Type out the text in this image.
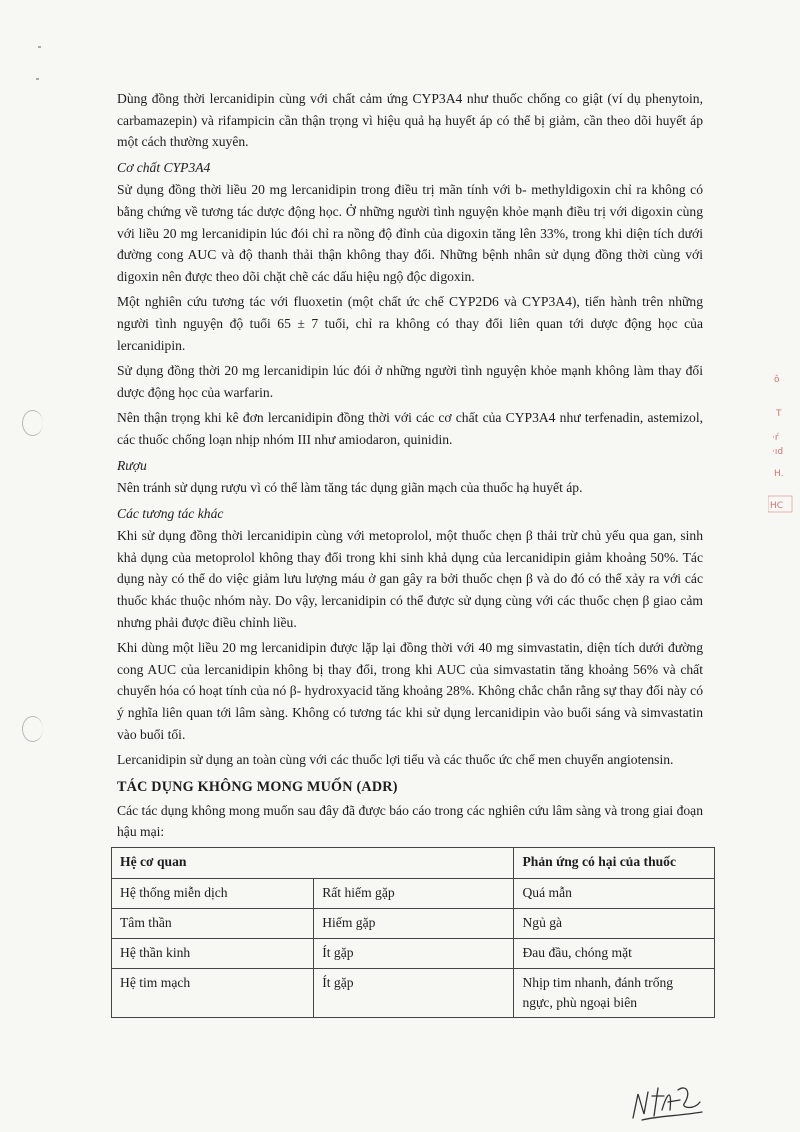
Dùng đồng thời lercanidipin cùng với chất cảm ứng CYP3A4 như thuốc chống co giật (ví dụ phenytoin, carbamazepin) và rifampicin cần thận trọng vì hiệu quả hạ huyết áp có thể bị giảm, cần theo dõi huyết áp một cách thường xuyên.

Cơ chất CYP3A4

Sử dụng đồng thời liều 20 mg lercanidipin trong điều trị mãn tính với b- methyldigoxin chỉ ra không có bằng chứng về tương tác dược động học. Ở những người tình nguyện khỏe mạnh điều trị với digoxin cùng với liều 20 mg lercanidipin lúc đói chỉ ra nồng độ đỉnh của digoxin tăng lên 33%, trong khi diện tích dưới đường cong AUC và độ thanh thải thận không thay đổi. Những bệnh nhân sử dụng đồng thời cùng với digoxin nên được theo dõi chặt chẽ các dấu hiệu ngộ độc digoxin.

Một nghiên cứu tương tác với fluoxetin (một chất ức chế CYP2D6 và CYP3A4), tiến hành trên những người tình nguyện độ tuổi 65 ± 7 tuổi, chỉ ra không có thay đổi liên quan tới dược động học của lercanidipin.

Sử dụng đồng thời 20 mg lercanidipin lúc đói ở những người tình nguyện khỏe mạnh không làm thay đổi dược động học của warfarin.

Nên thận trọng khi kê đơn lercanidipin đồng thời với các cơ chất của CYP3A4 như terfenadin, astemizol, các thuốc chống loạn nhịp nhóm III như amiodaron, quinidin.

Rượu

Nên tránh sử dụng rượu vì có thể làm tăng tác dụng giãn mạch của thuốc hạ huyết áp.

Các tương tác khác

Khi sử dụng đồng thời lercanidipin cùng với metoprolol, một thuốc chẹn β thải trừ chủ yếu qua gan, sinh khả dụng của metoprolol không thay đổi trong khi sinh khả dụng của lercanidipin giảm khoảng 50%. Tác dụng này có thể do việc giảm lưu lượng máu ở gan gây ra bởi thuốc chẹn β và do đó có thể xảy ra với các thuốc khác thuộc nhóm này. Do vậy, lercanidipin có thể được sử dụng cùng với các thuốc chẹn β giao cảm nhưng phải được điều chỉnh liều.

Khi dùng một liều 20 mg lercanidipin được lặp lại đồng thời với 40 mg simvastatin, diện tích dưới đường cong AUC của lercanidipin không bị thay đổi, trong khi AUC của simvastatin tăng khoảng 56% và chất chuyển hóa có hoạt tính của nó β- hydroxyacid tăng khoảng 28%. Không chắc chắn rằng sự thay đổi này có ý nghĩa liên quan tới lâm sàng. Không có tương tác khi sử dụng lercanidipin vào buổi sáng và simvastatin vào buổi tối.

Lercanidipin sử dụng an toàn cùng với các thuốc lợi tiểu và các thuốc ức chế men chuyển angiotensin.

TÁC DỤNG KHÔNG MONG MUỐN (ADR)

Các tác dụng không mong muốn sau đây đã được báo cáo trong các nghiên cứu lâm sàng và trong giai đoạn hậu mại:

Hệ cơ quan		Phản ứng có hại của thuốc
Hệ thống miễn dịch	Rất hiếm gặp	Quá mẫn
Tâm thần	Hiếm gặp	Ngủ gà
Hệ thần kinh	Ít gặp	Đau đầu, chóng mặt
Hệ tim mạch	Ít gặp	Nhịp tim nhanh, đánh trống ngực, phù ngoại biên
ô
T
·ŕ
·ıd
H.
HC
